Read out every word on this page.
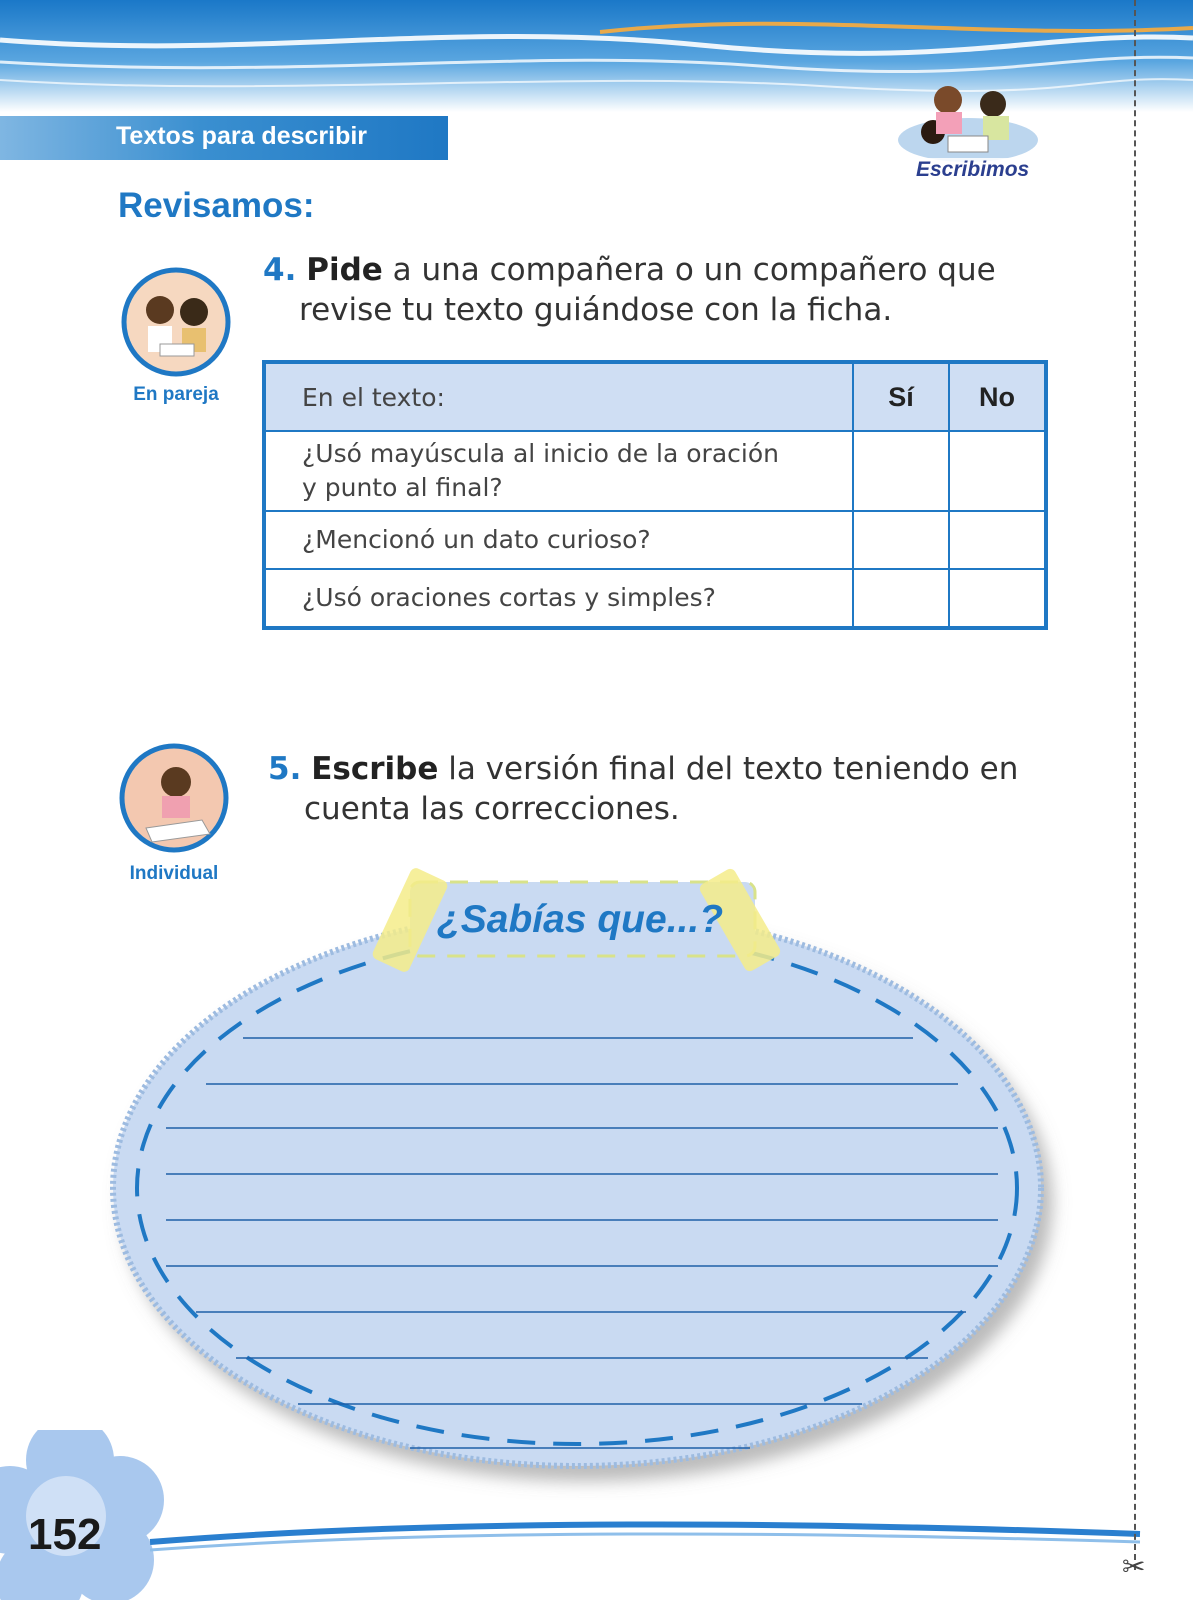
Textos para describir
Escribimos
Revisamos:
En pareja
4. Pide a una compañera o un compañero que
revise tu texto guiándose con la ficha.
En el texto:	Sí	No
¿Usó mayúscula al inicio de la oración
y punto al final?		
¿Mencionó un dato curioso?		
¿Usó oraciones cortas y simples?		
Individual
5. Escribe la versión final del texto teniendo en
cuenta las correcciones.
¿Sabías que...?
152
✂
